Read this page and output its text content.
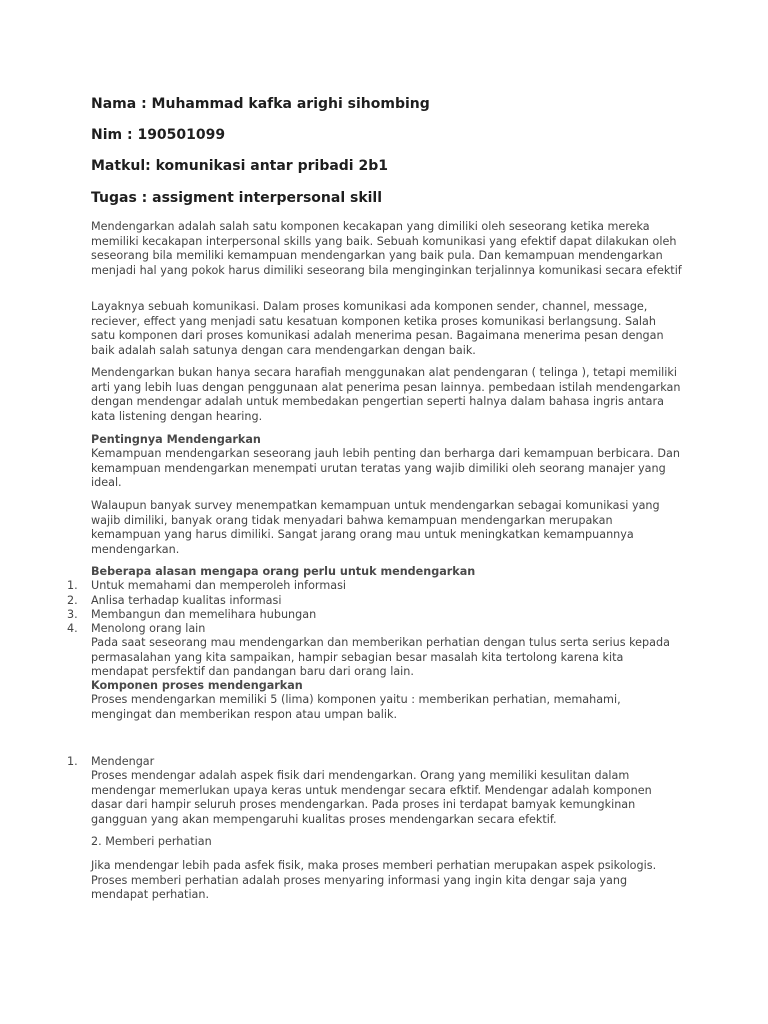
Nama : Muhammad kafka arighi sihombing

Nim : 190501099

Matkul: komunikasi antar pribadi 2b1

Tugas : assigment interpersonal skill

Mendengarkan adalah salah satu komponen kecakapan yang dimiliki oleh seseorang ketika mereka memiliki kecakapan interpersonal skills yang baik. Sebuah komunikasi yang efektif dapat dilakukan oleh seseorang bila memiliki kemampuan mendengarkan yang baik pula. Dan kemampuan mendengarkan menjadi hal yang pokok harus dimiliki seseorang bila menginginkan terjalinnya komunikasi secara efektif

Layaknya sebuah komunikasi. Dalam proses komunikasi ada komponen sender, channel, message, reciever, effect yang menjadi satu kesatuan komponen ketika proses komunikasi berlangsung. Salah satu komponen dari proses komunikasi adalah menerima pesan. Bagaimana menerima pesan dengan baik adalah salah satunya dengan cara mendengarkan dengan baik.

Mendengarkan bukan hanya secara harafiah menggunakan alat pendengaran ( telinga ), tetapi memiliki arti yang lebih luas dengan penggunaan alat penerima pesan lainnya. pembedaan istilah mendengarkan dengan mendengar adalah untuk membedakan pengertian seperti halnya dalam bahasa ingris antara kata listening dengan hearing.

Pentingnya Mendengarkan

Kemampuan mendengarkan seseorang jauh lebih penting dan berharga dari kemampuan berbicara. Dan kemampuan mendengarkan menempati urutan teratas yang wajib dimiliki oleh seorang manajer yang ideal.

Walaupun banyak survey menempatkan kemampuan untuk mendengarkan sebagai komunikasi yang wajib dimiliki, banyak orang tidak menyadari bahwa kemampuan mendengarkan merupakan kemampuan yang harus dimiliki. Sangat jarang orang mau untuk meningkatkan kemampuannya mendengarkan.

Beberapa alasan mengapa orang perlu untuk mendengarkan

1. Untuk memahami dan memperoleh informasi
2. Anlisa terhadap kualitas informasi
3. Membangun dan memelihara hubungan
4. Menolong orang lain

Pada saat seseorang mau mendengarkan dan memberikan perhatian dengan tulus serta serius kepada permasalahan yang kita sampaikan, hampir sebagian besar masalah kita tertolong karena kita mendapat persfektif dan pandangan baru dari orang lain.

Komponen proses mendengarkan

Proses mendengarkan memiliki 5 (lima) komponen yaitu : memberikan perhatian, memahami, mengingat dan memberikan respon atau umpan balik.

1. Mendengar

Proses mendengar adalah aspek fisik dari mendengarkan. Orang yang memiliki kesulitan dalam mendengar memerlukan upaya keras untuk mendengar secara efktif. Mendengar adalah komponen dasar dari hampir seluruh proses mendengarkan. Pada proses ini terdapat bamyak kemungkinan gangguan yang akan mempengaruhi kualitas proses mendengarkan secara efektif.

2. Memberi perhatian

Jika mendengar lebih pada asfek fisik, maka proses memberi perhatian merupakan aspek psikologis. Proses memberi perhatian adalah proses menyaring informasi yang ingin kita dengar saja yang mendapat perhatian.
